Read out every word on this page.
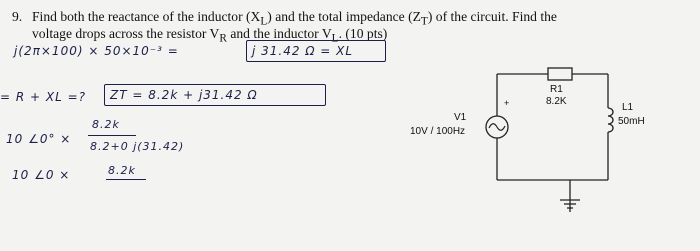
9. Find both the reactance of the inductor $(X_L)$ and the total impedance $(Z_T)$ of the circuit. Find the
voltage drops across the resistor $V_R$ and the inductor $V_L$. (10 pts)
j(2π×100) × 50×10⁻³ =	j 31.42 Ω = XL
= R + XL =? ZT = 8.2k + j31.42 Ω
10 ∠0° ×
8.2k
8.2+0 j(31.42)
10 ∠0 ×	8.2k
+
V1
10V / 100Hz
R1
8.2K
L1
50mH
